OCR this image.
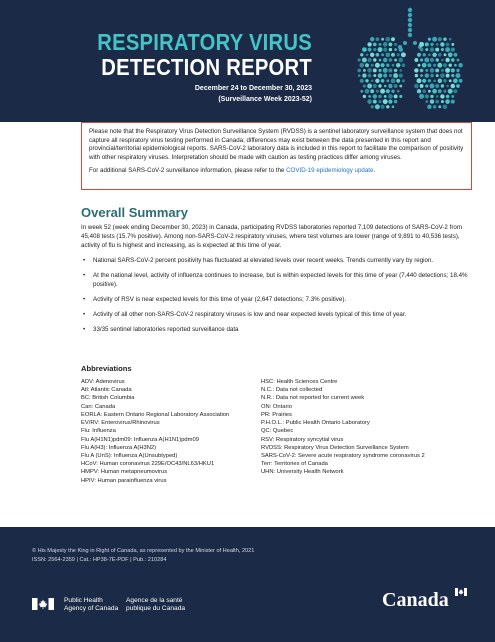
RESPIRATORY VIRUS
DETECTION REPORT
December 24 to December 30, 2023
(Surveillance Week 2023-52)

Please note that the Respiratory Virus Detection Surveillance System (RVDSS) is a sentinel laboratory surveillance system that does not capture all respiratory virus testing performed in Canada; differences may exist between the data presented in this report and provincial/territorial epidemiological reports. SARS-CoV-2 laboratory data is included in this report to facilitate the comparison of positivity with other respiratory viruses. Interpretation should be made with caution as testing practices differ among viruses.

For additional SARS-CoV-2 surveillance information, please refer to the COVID-19 epidemiology update.

Overall Summary

In week 52 (week ending December 30, 2023) in Canada, participating RVDSS laboratories reported 7,109 detections of SARS-CoV-2 from 45,408 tests (15.7% positive). Among non-SARS-CoV-2 respiratory viruses, where test volumes are lower (range of 9,891 to 40,536 tests), activity of flu is highest and increasing, as is expected at this time of year.

• National SARS-CoV-2 percent positivity has fluctuated at elevated levels over recent weeks. Trends currently vary by region.
• At the national level, activity of influenza continues to increase, but is within expected levels for this time of year (7,440 detections; 18.4% positive).
• Activity of RSV is near expected levels for this time of year (2,647 detections; 7.3% positive).
• Activity of all other non-SARS-CoV-2 respiratory viruses is low and near expected levels typical of this time of year.
• 33/35 sentinel laboratories reported surveillance data
Abbreviations
ADV: Adenovirus
Atl: Atlantic Canada
BC: British Columbia
Can: Canada
EORLA: Eastern Ontario Regional Laboratory Association
EV/RV: Enterovirus/Rhinovirus
Flu: Influenza
Flu A(H1N1)pdm09: Influenza A(H1N1)pdm09
Flu A(H3): Influenza A(H3N2)
Flu A (UnS): Influenza A(Unsubtyped)
HCoV: Human coronavirus 229E/OC43/NL63/HKU1
HMPV: Human metapneumovirus
HPIV: Human parainfluenza virus
HSC: Health Sciences Centre
N.C.: Data not collected
N.R.: Data not reported for current week
ON: Ontario
PR: Prairies
P.H.O.L.: Public Health Ontario Laboratory
QC: Quebec
RSV: Respiratory syncytial virus
RVDSS: Respiratory Virus Detection Surveillance System
SARS-CoV-2: Severe acute respiratory syndrome coronavirus 2
Terr: Territories of Canada
UHN: University Health Network
© His Majesty the King in Right of Canada, as represented by the Minister of Health, 2021
ISSN: 2564-2359 | Cat.: HP38-7E-PDF | Pub.: 210284
Public Health
Agency of Canada
Agence de la santé
publique du Canada	Canada
